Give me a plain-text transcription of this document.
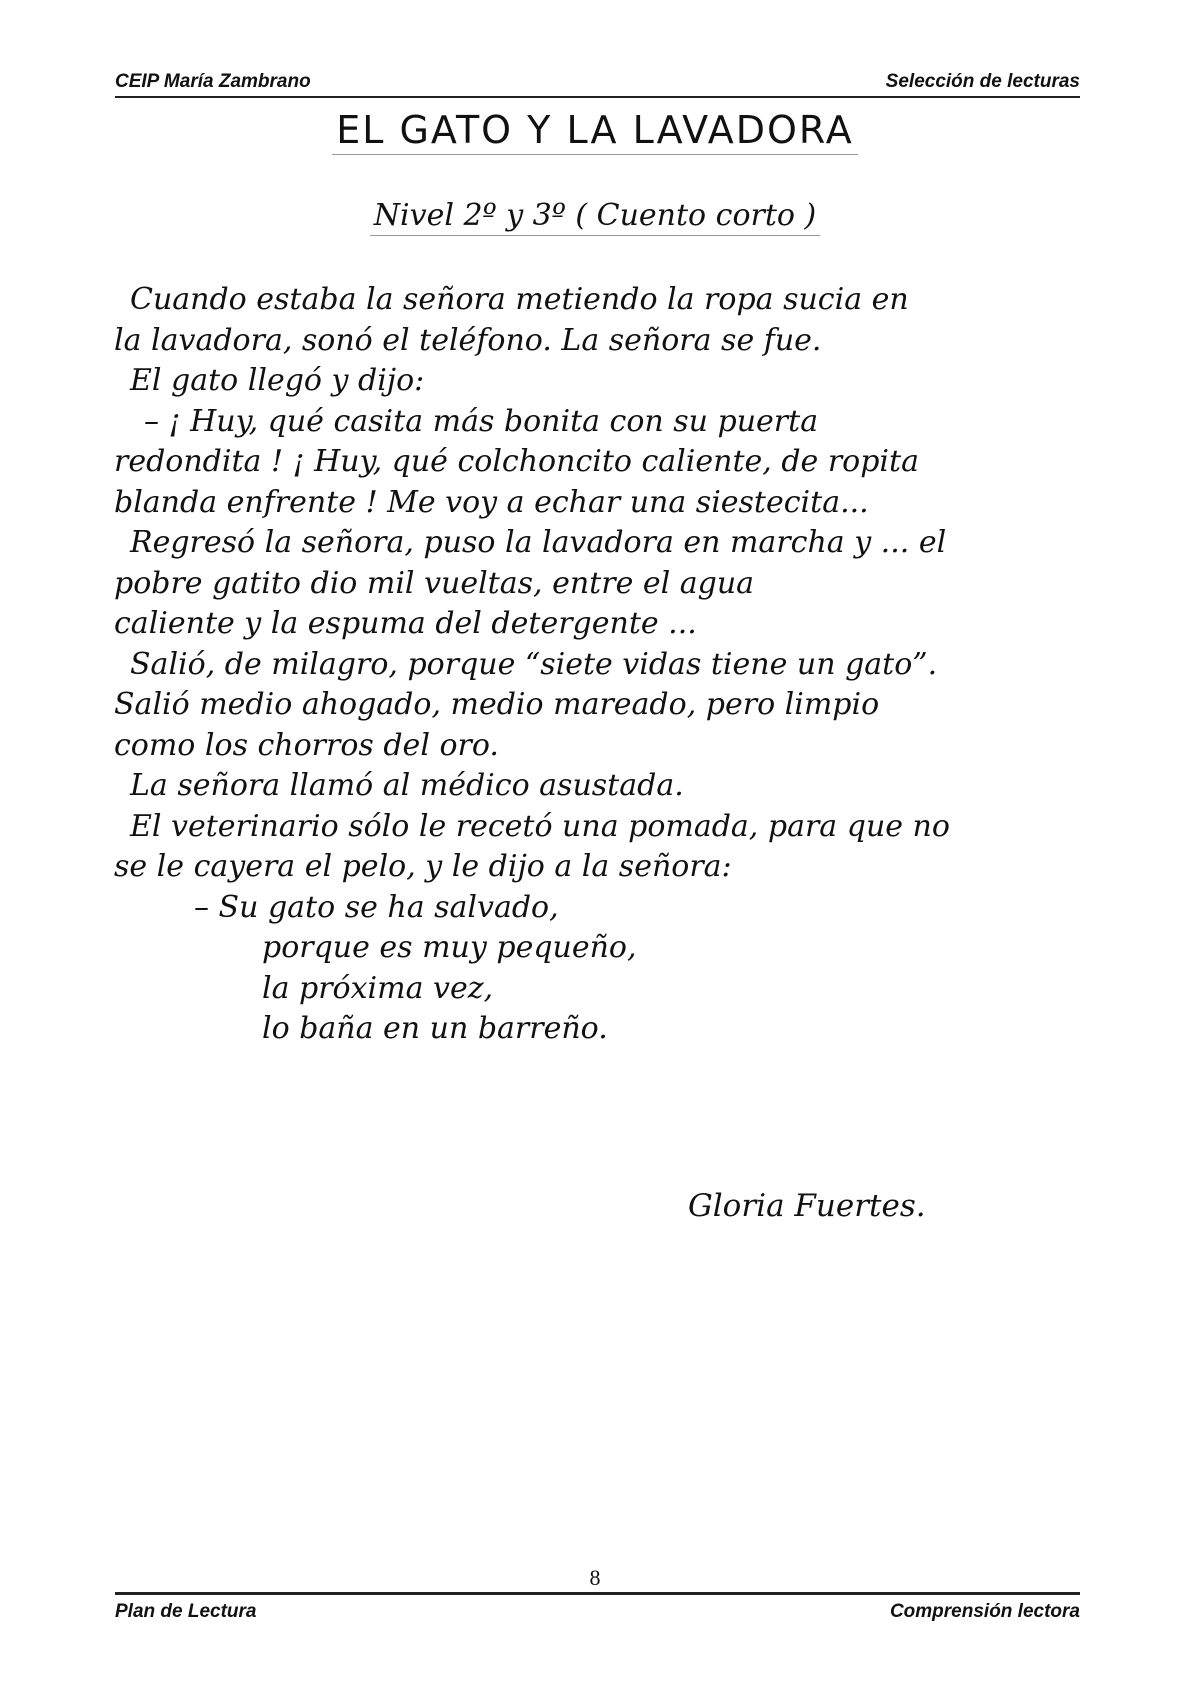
CEIP María Zambrano	Selección de lecturas
EL GATO Y LA LAVADORA
Nivel 2º y 3º ( Cuento corto )
Cuando estaba la señora metiendo la ropa sucia en
la lavadora, sonó el teléfono. La señora se fue.
El gato llegó y dijo:
– ¡ Huy, qué casita más bonita con su puerta
redondita ! ¡ Huy, qué colchoncito caliente, de ropita
blanda enfrente ! Me voy a echar una siestecita...
Regresó la señora, puso la lavadora en marcha y ... el
pobre gatito dio mil vueltas, entre el agua
caliente y la espuma del detergente ...
Salió, de milagro, porque “siete vidas tiene un gato”.
Salió medio ahogado, medio mareado, pero limpio
como los chorros del oro.
La señora llamó al médico asustada.
El veterinario sólo le recetó una pomada, para que no
se le cayera el pelo, y le dijo a la señora:
– Su gato se ha salvado,
porque es muy pequeño,
la próxima vez,
lo baña en un barreño.
Gloria Fuertes.
8
Plan de Lectura	Comprensión lectora
